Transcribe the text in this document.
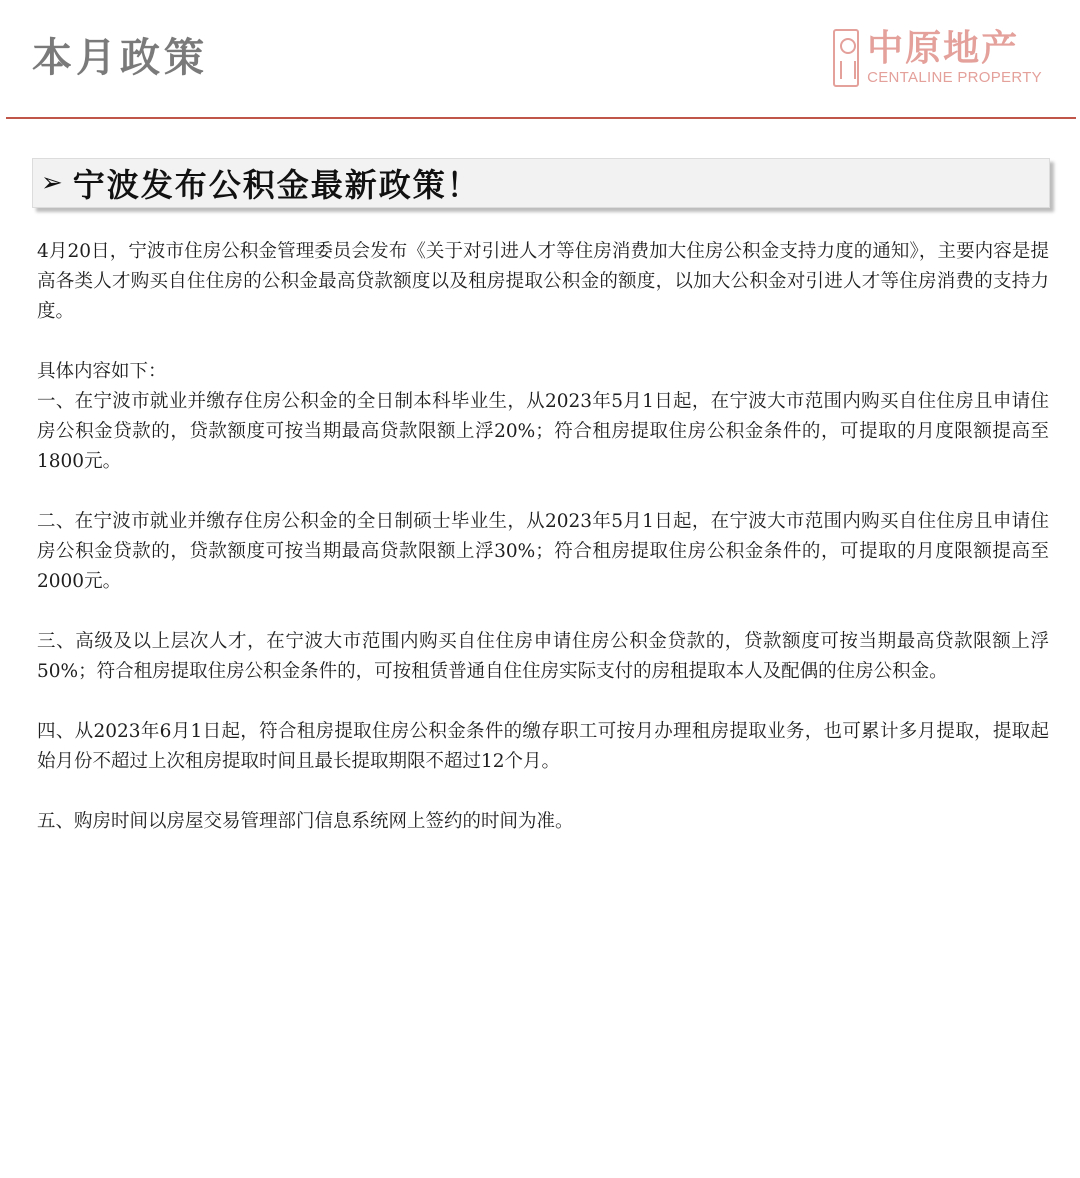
本月政策	中原地产
CENTALINE PROPERTY
➢ 宁波发布公积金最新政策！

4月20日，宁波市住房公积金管理委员会发布《关于对引进人才等住房消费加大住房公积金支持力度的通知》，主要内容是提高各类人才购买自住住房的公积金最高贷款额度以及租房提取公积金的额度，以加大公积金对引进人才等住房消费的支持力度。

具体内容如下：

一、在宁波市就业并缴存住房公积金的全日制本科毕业生，从2023年5月1日起，在宁波大市范围内购买自住住房且申请住房公积金贷款的，贷款额度可按当期最高贷款限额上浮20%；符合租房提取住房公积金条件的，可提取的月度限额提高至1800元。

二、在宁波市就业并缴存住房公积金的全日制硕士毕业生，从2023年5月1日起，在宁波大市范围内购买自住住房且申请住房公积金贷款的，贷款额度可按当期最高贷款限额上浮30%；符合租房提取住房公积金条件的，可提取的月度限额提高至2000元。

三、高级及以上层次人才，在宁波大市范围内购买自住住房申请住房公积金贷款的，贷款额度可按当期最高贷款限额上浮50%；符合租房提取住房公积金条件的，可按租赁普通自住住房实际支付的房租提取本人及配偶的住房公积金。

四、从2023年6月1日起，符合租房提取住房公积金条件的缴存职工可按月办理租房提取业务，也可累计多月提取，提取起始月份不超过上次租房提取时间且最长提取期限不超过12个月。

五、购房时间以房屋交易管理部门信息系统网上签约的时间为准。
